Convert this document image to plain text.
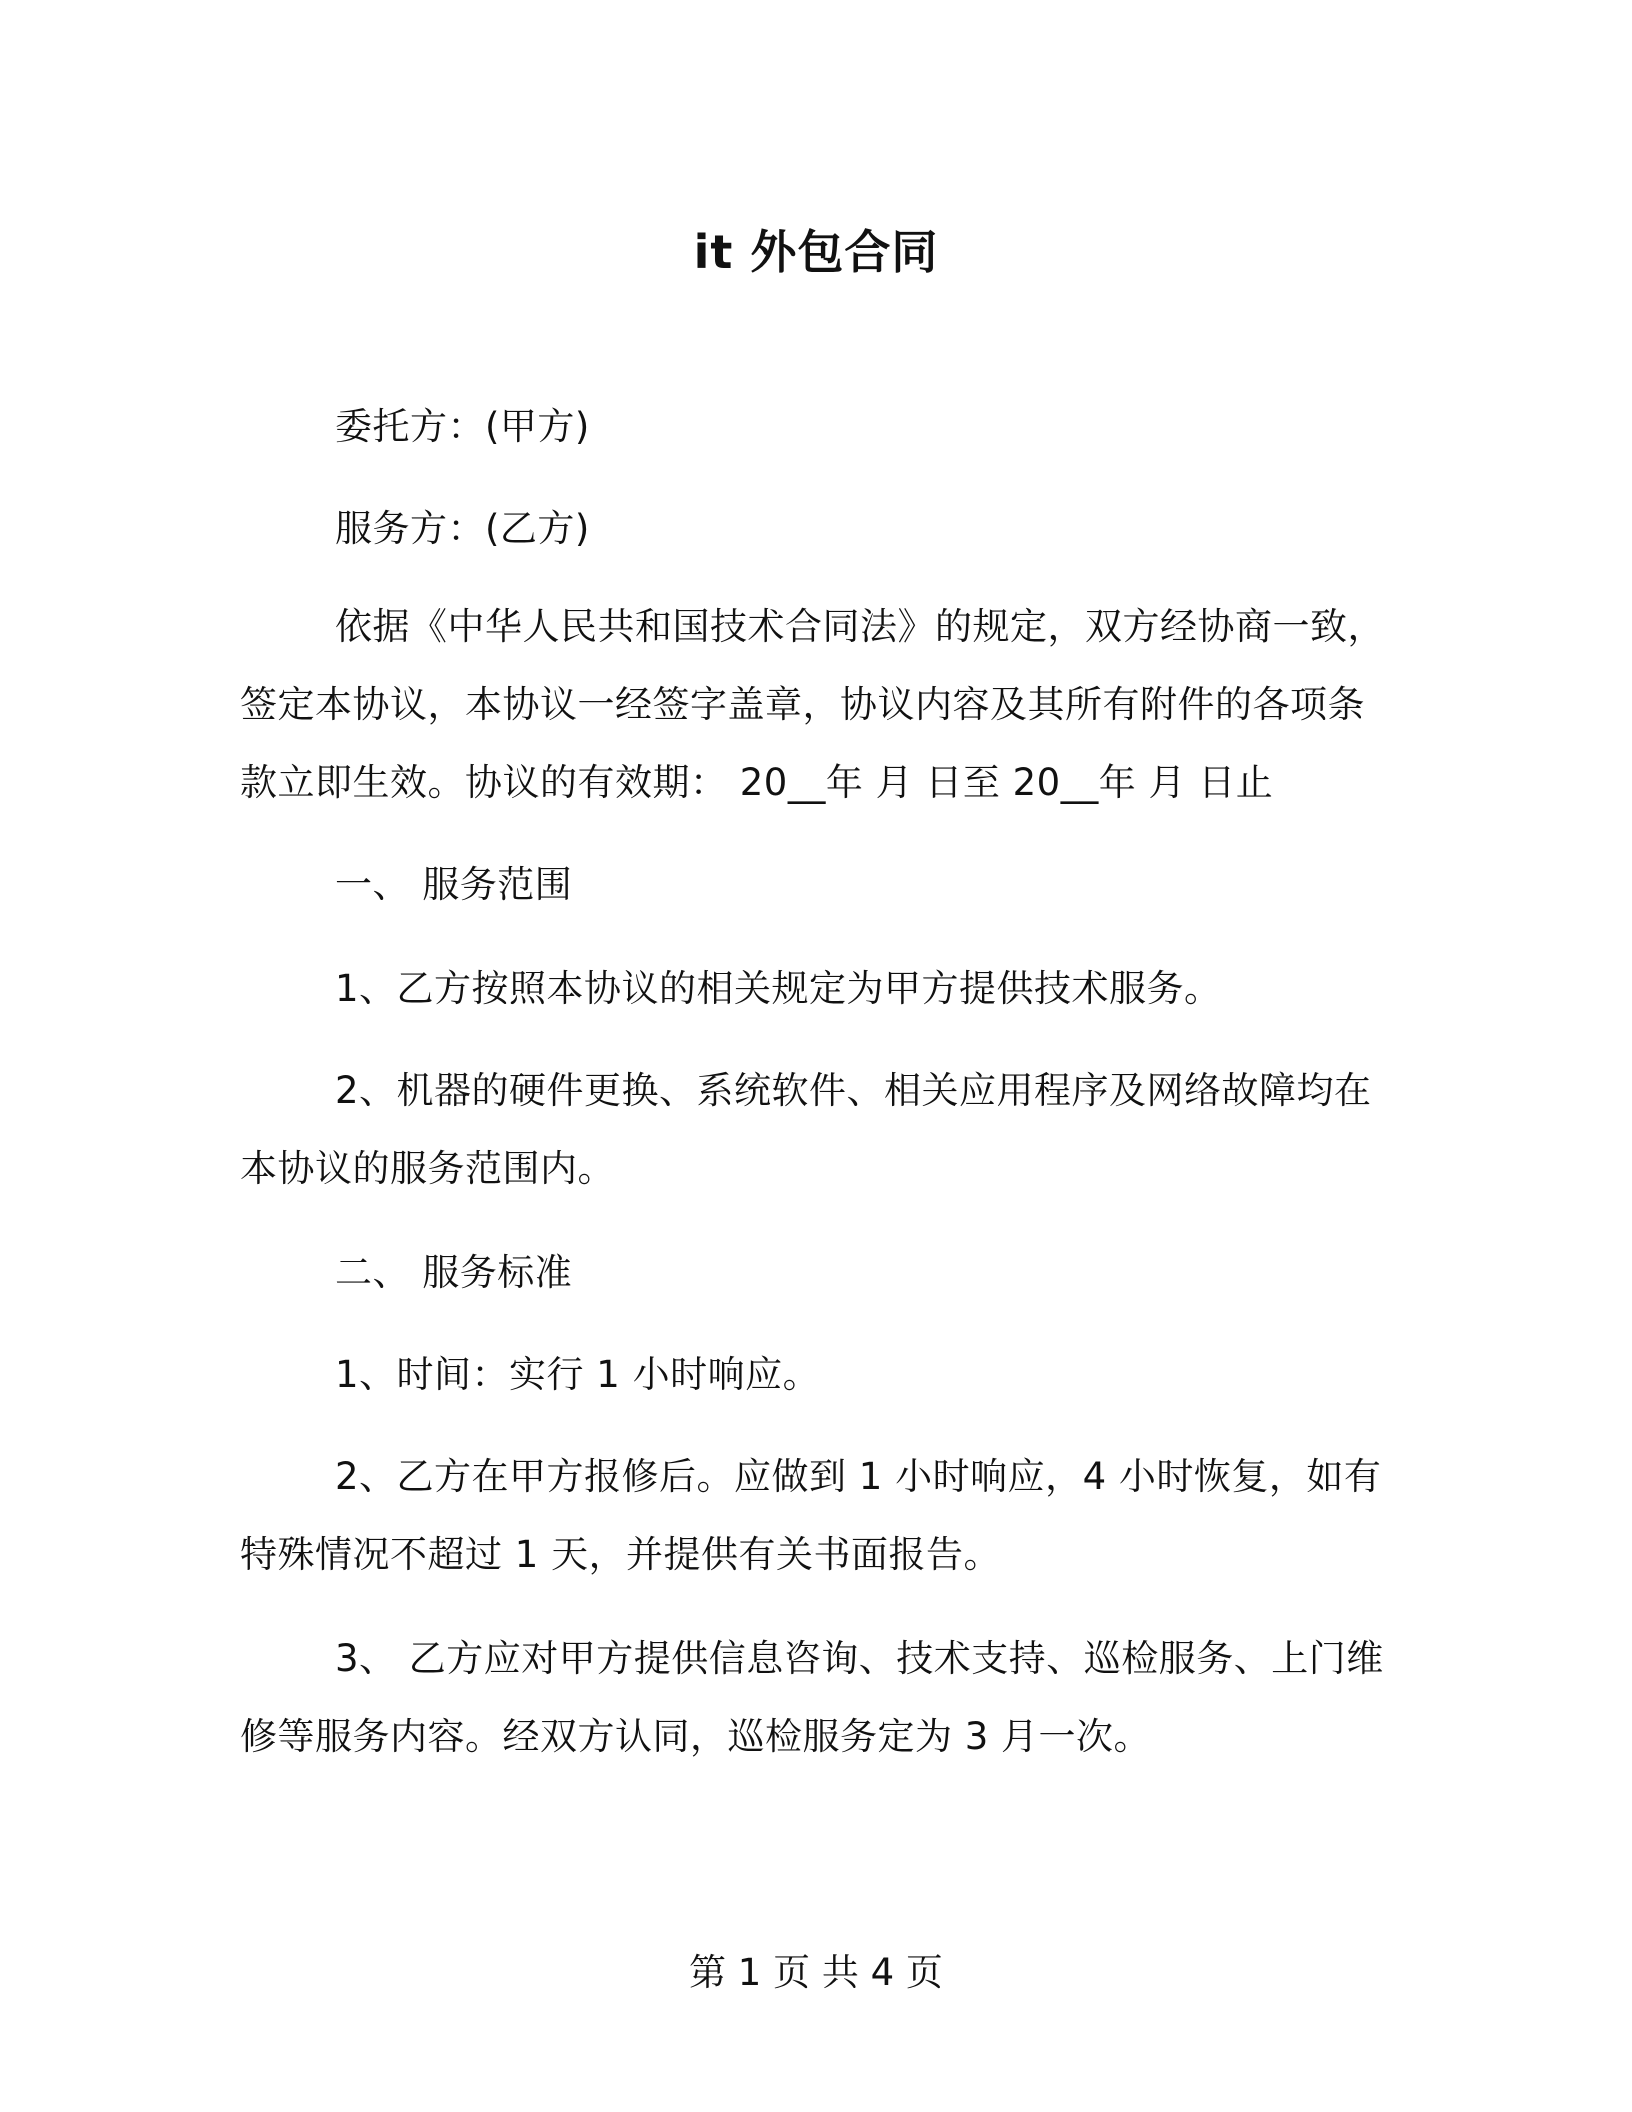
it 外包合同

委托方：(甲方)

服务方：(乙方)

依据《中华人民共和国技术合同法》的规定，双方经协商一致，签定本协议，本协议一经签字盖章，协议内容及其所有附件的各项条款立即生效。协议的有效期： 20__年 月 日至 20__年 月 日止

一、 服务范围

1、乙方按照本协议的相关规定为甲方提供技术服务。

2、机器的硬件更换、系统软件、相关应用程序及网络故障均在本协议的服务范围内。

二、 服务标准

1、时间：实行 1 小时响应。

2、乙方在甲方报修后。应做到 1 小时响应，4 小时恢复，如有特殊情况不超过 1 天，并提供有关书面报告。

3、 乙方应对甲方提供信息咨询、技术支持、巡检服务、上门维修等服务内容。经双方认同，巡检服务定为 3 月一次。

第 1 页 共 4 页
